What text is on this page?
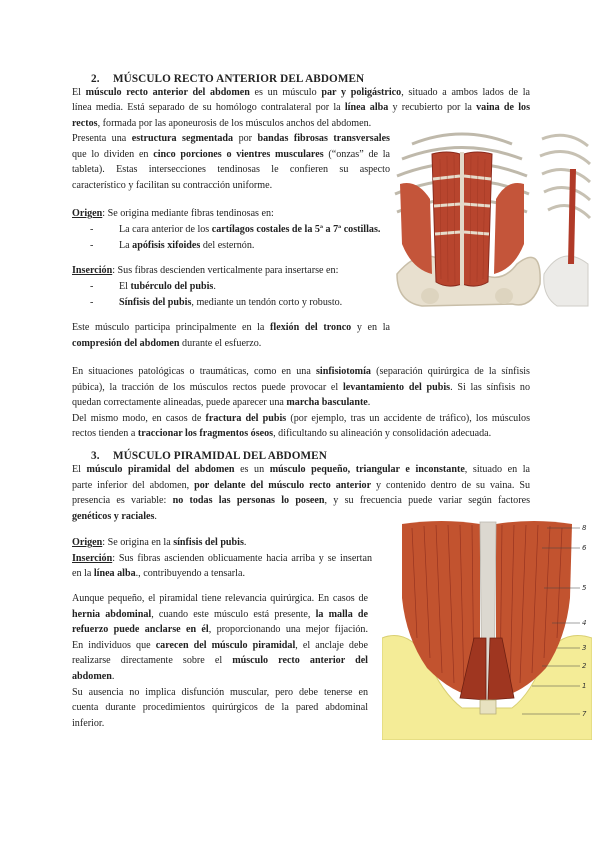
2. MÚSCULO RECTO ANTERIOR DEL ABDOMEN
El músculo recto anterior del abdomen es un músculo par y poligástrico, situado a ambos lados de la
línea media. Está separado de su homólogo contralateral por la línea alba y recubierto por la vaina de los
rectos, formada por las aponeurosis de los músculos anchos del abdomen.
Presenta una estructura segmentada por bandas fibrosas transversales
que lo dividen en cinco porciones o vientres musculares (“onzas” de la
tableta). Estas intersecciones tendinosas le confieren su aspecto
característico y facilitan su contracción uniforme.
Origen: Se origina mediante fibras tendinosas en:
-	La cara anterior de los cartílagos costales de la 5ª a 7ª costillas.
-	La apófisis xifoides del esternón.
Inserción: Sus fibras descienden verticalmente para insertarse en:
-	El tubérculo del pubis.
-	Sínfisis del pubis, mediante un tendón corto y robusto.
Este músculo participa principalmente en la flexión del tronco y en la
compresión del abdomen durante el esfuerzo.
En situaciones patológicas o traumáticas, como en una sinfisiotomía (separación quirúrgica de la sínfisis
púbica), la tracción de los músculos rectos puede provocar el levantamiento del pubis. Si las sínfisis no
quedan correctamente alineadas, puede aparecer una marcha basculante.
Del mismo modo, en casos de fractura del pubis (por ejemplo, tras un accidente de tráfico), los músculos
rectos tienden a traccionar los fragmentos óseos, dificultando su alineación y consolidación adecuada.
3. MÚSCULO PIRAMIDAL DEL ABDOMEN
El músculo piramidal del abdomen es un músculo pequeño, triangular e inconstante, situado en la
parte inferior del abdomen, por delante del músculo recto anterior y contenido dentro de su vaina. Su
presencia es variable: no todas las personas lo poseen, y su frecuencia puede variar según factores
genéticos y raciales.
Origen: Se origina en la sínfisis del pubis.
Inserción: Sus fibras ascienden oblicuamente hacia arriba y se insertan
en la línea alba., contribuyendo a tensarla.
Aunque pequeño, el piramidal tiene relevancia quirúrgica. En casos de
hernia abdominal, cuando este músculo está presente, la malla de
refuerzo puede anclarse en él, proporcionando una mejor fijación.
En individuos que carecen del músculo piramidal, el anclaje debe
realizarse directamente sobre el músculo recto anterior del
abdomen.
Su ausencia no implica disfunción muscular, pero debe tenerse en
cuenta durante procedimientos quirúrgicos de la pared abdominal
inferior.
8
6
5
4
3
2
1
7
